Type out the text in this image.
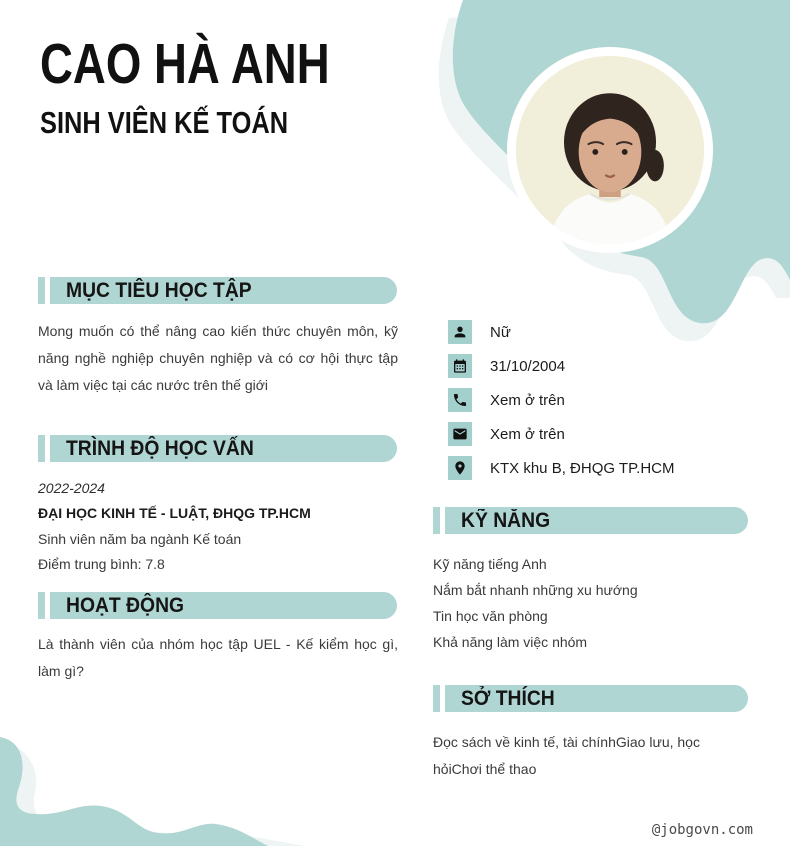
CAO HÀ ANH
SINH VIÊN KẾ TOÁN
MỤC TIÊU HỌC TẬP

Mong muốn có thể nâng cao kiến thức chuyên môn, kỹ năng nghề nghiệp chuyên nghiệp và có cơ hội thực tập và làm việc tại các nước trên thế giới

TRÌNH ĐỘ HỌC VẤN
2022-2024
ĐẠI HỌC KINH TẾ - LUẬT, ĐHQG TP.HCM
Sinh viên năm ba ngành Kế toán
Điểm trung bình: 7.8
HOẠT ĐỘNG

Là thành viên của nhóm học tập UEL - Kế kiểm học gì, làm gì?

Nữ
31/10/2004
Xem ở trên
Xem ở trên
KTX khu B, ĐHQG TP.HCM
KỸ NĂNG
Kỹ năng tiếng Anh
Nắm bắt nhanh những xu hướng
Tin học văn phòng
Khả năng làm việc nhóm
SỞ THÍCH

Đọc sách về kinh tế, tài chínhGiao lưu, học hỏiChơi thể thao

@jobgovn.com
